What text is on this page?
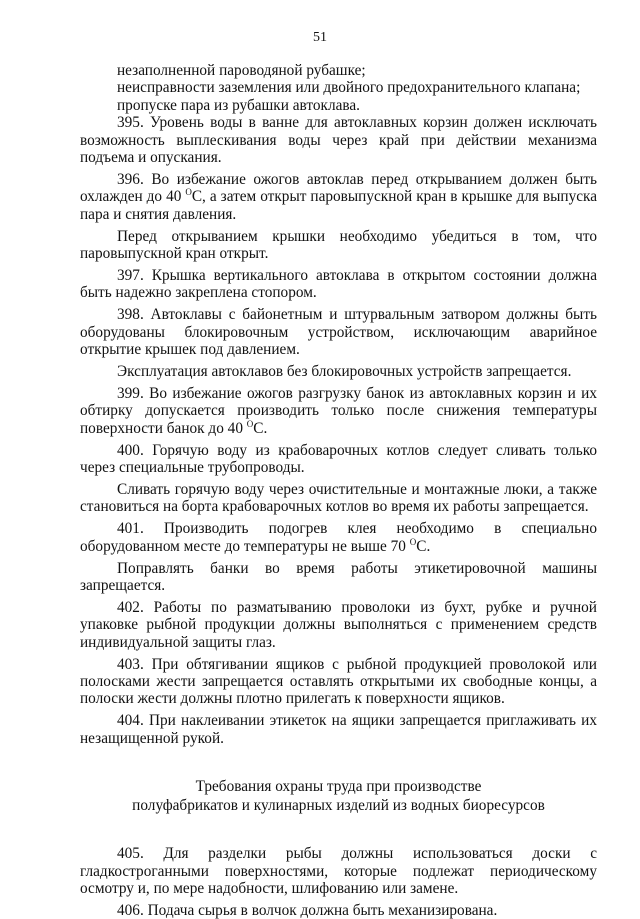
51

незаполненной пароводяной рубашке;

неисправности заземления или двойного предохранительного клапана;

пропуске пара из рубашки автоклава.

395. Уровень воды в ванне для автоклавных корзин должен исключать возможность выплескивания воды через край при действии механизма подъема и опускания.

396. Во избежание ожогов автоклав перед открыванием должен быть охлажден до 40 $^О$С, а затем открыт паровыпускной кран в крышке для выпуска пара и снятия давления.

Перед открыванием крышки необходимо убедиться в том, что паровыпускной кран открыт.

397. Крышка вертикального автоклава в открытом состоянии должна быть надежно закреплена стопором.

398. Автоклавы с байонетным и штурвальным затвором должны быть оборудованы блокировочным устройством, исключающим аварийное открытие крышек под давлением.

Эксплуатация автоклавов без блокировочных устройств запрещается.

399. Во избежание ожогов разгрузку банок из автоклавных корзин и их обтирку допускается производить только после снижения температуры поверхности банок до 40 $^О$С.

400. Горячую воду из крабоварочных котлов следует сливать только через специальные трубопроводы.

Сливать горячую воду через очистительные и монтажные люки, а также становиться на борта крабоварочных котлов во время их работы запрещается.

401. Производить подогрев клея необходимо в специально оборудованном месте до температуры не выше 70 $^О$С.

Поправлять банки во время работы этикетировочной машины запрещается.

402. Работы по разматыванию проволоки из бухт, рубке и ручной упаковке рыбной продукции должны выполняться с применением средств индивидуальной защиты глаз.

403. При обтягивании ящиков с рыбной продукцией проволокой или полосками жести запрещается оставлять открытыми их свободные концы, а полоски жести должны плотно прилегать к поверхности ящиков.

404. При наклеивании этикеток на ящики запрещается приглаживать их незащищенной рукой.

Требования охраны труда при производстве
полуфабрикатов и кулинарных изделий из водных биоресурсов

405. Для разделки рыбы должны использоваться доски с гладкостроганными поверхностями, которые подлежат периодическому осмотру и, по мере надобности, шлифованию или замене.

406. Подача сырья в волчок должна быть механизирована.
